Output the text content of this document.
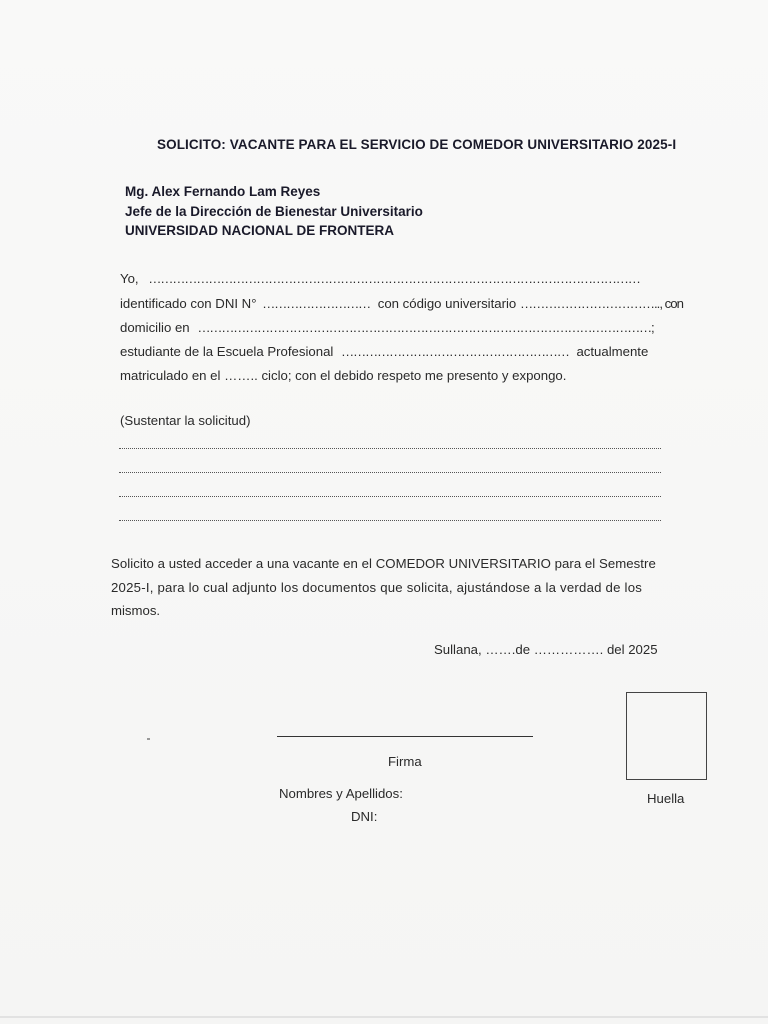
SOLICITO: VACANTE PARA EL SERVICIO DE COMEDOR UNIVERSITARIO 2025-I
Mg. Alex Fernando Lam Reyes
Jefe de la Dirección de Bienestar Universitario
UNIVERSIDAD NACIONAL DE FRONTERA
Yo, ……………………………………………………………………………………………………………
identificado con DNI N° ……………………… con código universitario …………………………….., con
domicilio en ……………………………………………………………………………………………………;
estudiante de la Escuela Profesional ………………………………………………… actualmente
matriculado en el …….. ciclo; con el debido respeto me presento y expongo.
(Sustentar la solicitud)
Solicito a usted acceder a una vacante en el COMEDOR UNIVERSITARIO para el Semestre
2025-I, para lo cual adjunto los documentos que solicita, ajustándose a la verdad de los
mismos.
Sullana, …….de ……………. del 2025
Firma
Nombres y Apellidos:
DNI:
Huella
